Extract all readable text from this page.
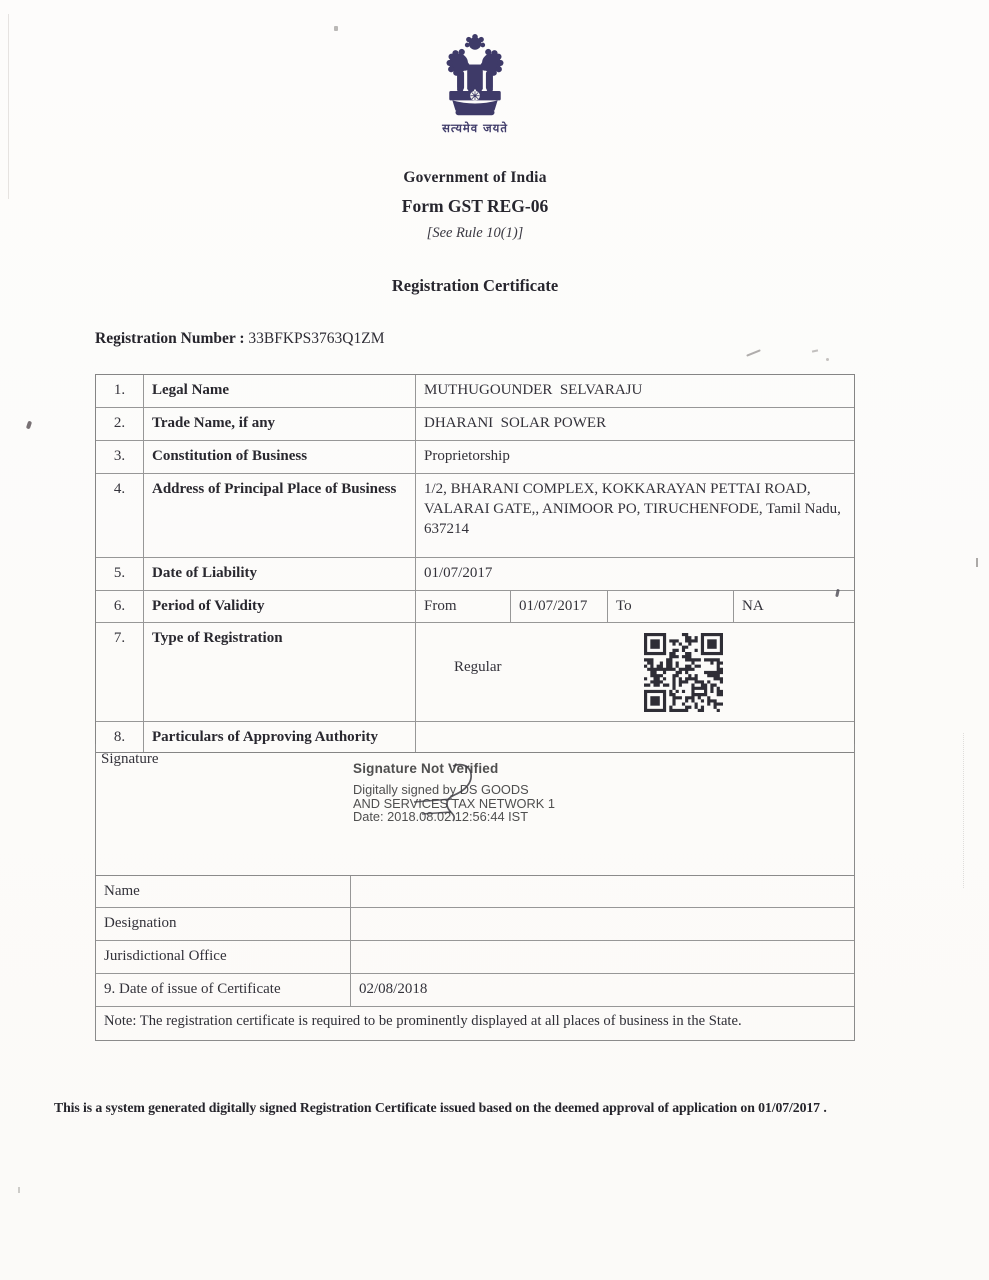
सत्यमेव जयते
Government of India
Form GST REG-06
[See Rule 10(1)]
Registration Certificate
Registration Number : 33BFKPS3763Q1ZM
1.	Legal Name	MUTHUGOUNDER  SELVARAJU
2.	Trade Name, if any	DHARANI  SOLAR POWER
3.	Constitution of Business	Proprietorship
4.	Address of Principal Place of Business	1/2, BHARANI COMPLEX, KOKKARAYAN PETTAI ROAD, VALARAI GATE,, ANIMOOR PO, TIRUCHENFODE, Tamil Nadu, 637214
5.	Date of Liability	01/07/2017
6.	Period of Validity	From	01/07/2017	To	NA
7.	Type of Registration

Regular

8.	Particulars of Approving Authority
Signature
Signature Not Verified
Digitally signed by DS GOODS
AND SERVICES TAX NETWORK 1
Date: 2018.08.02 12:56:44 IST
Name
Designation
Jurisdictional Office
9. Date of issue of Certificate	02/08/2018
Note: The registration certificate is required to be prominently displayed at all places of business in the State.
This is a system generated digitally signed Registration Certificate issued based on the deemed approval of application on 01/07/2017 .
